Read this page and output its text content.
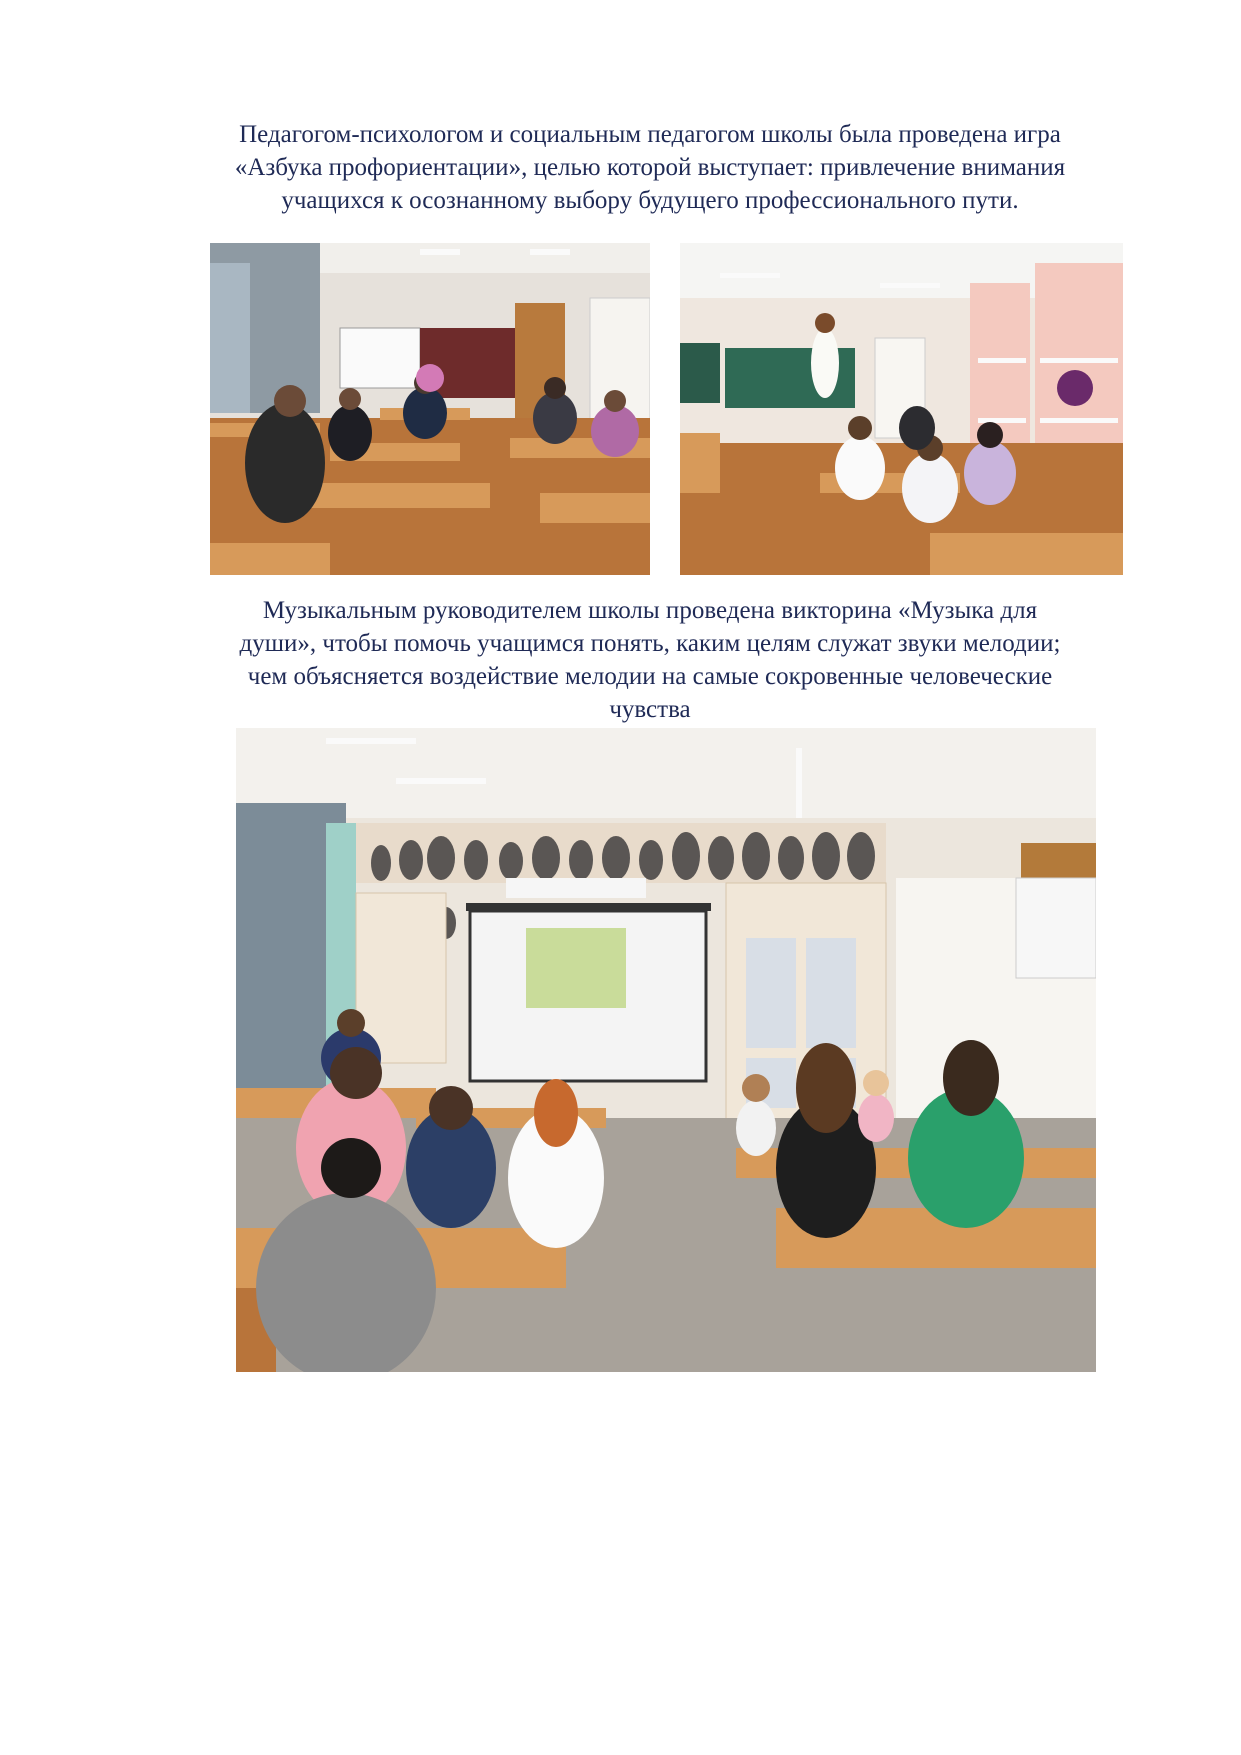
Педагогом-психологом и социальным педагогом школы была проведена игра
«Азбука профориентации», целью которой выступает: привлечение внимания
учащихся к осознанному выбору будущего профессионального пути.
Музыкальным руководителем школы проведена викторина «Музыка для
души», чтобы помочь учащимся понять, каким целям служат звуки мелодии;
чем объясняется воздействие мелодии на самые сокровенные человеческие
чувства
